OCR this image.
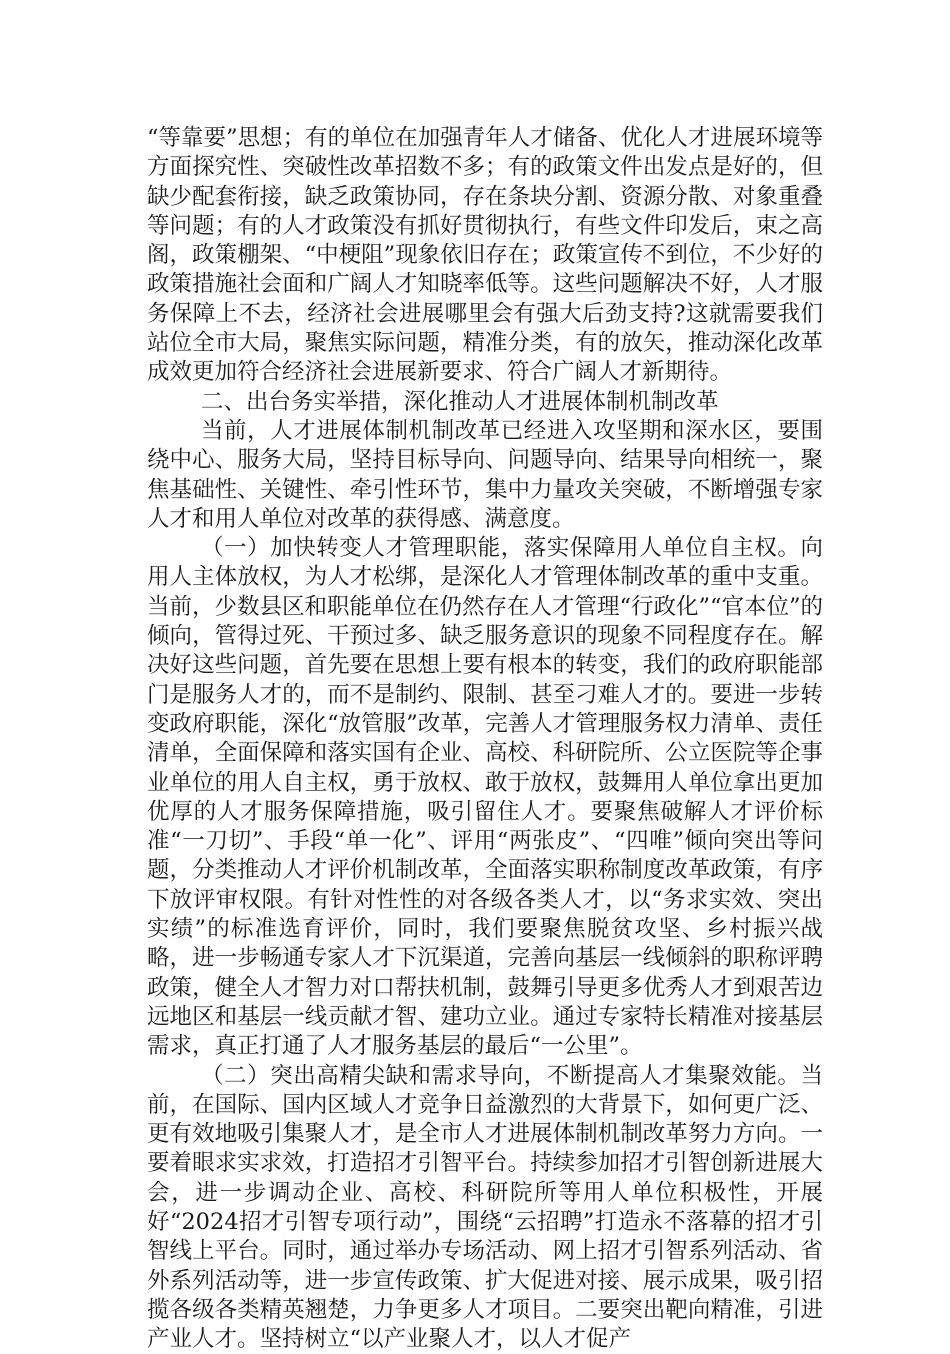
“等靠要”思想；有的单位在加强青年人才储备、优化人才进展环境等方面探究性、突破性改革招数不多；有的政策文件出发点是好的，但缺少配套衔接，缺乏政策协同，存在条块分割、资源分散、对象重叠等问题；有的人才政策没有抓好贯彻执行，有些文件印发后，束之高阁，政策棚架、“中梗阻”现象依旧存在；政策宣传不到位，不少好的政策措施社会面和广阔人才知晓率低等。这些问题解决不好，人才服务保障上不去，经济社会进展哪里会有强大后劲支持?这就需要我们站位全市大局，聚焦实际问题，精准分类，有的放矢，推动深化改革成效更加符合经济社会进展新要求、符合广阔人才新期待。

二、出台务实举措，深化推动人才进展体制机制改革

当前，人才进展体制机制改革已经进入攻坚期和深水区，要围绕中心、服务大局，坚持目标导向、问题导向、结果导向相统一，聚焦基础性、关键性、牵引性环节，集中力量攻关突破，不断增强专家人才和用人单位对改革的获得感、满意度。

（一）加快转变人才管理职能，落实保障用人单位自主权。向用人主体放权，为人才松绑，是深化人才管理体制改革的重中支重。当前，少数县区和职能单位在仍然存在人才管理“行政化”“官本位”的倾向，管得过死、干预过多、缺乏服务意识的现象不同程度存在。解决好这些问题，首先要在思想上要有根本的转变，我们的政府职能部门是服务人才的，而不是制约、限制、甚至刁难人才的。要进一步转变政府职能，深化“放管服”改革，完善人才管理服务权力清单、责任清单，全面保障和落实国有企业、高校、科研院所、公立医院等企事业单位的用人自主权，勇于放权、敢于放权，鼓舞用人单位拿出更加优厚的人才服务保障措施，吸引留住人才。要聚焦破解人才评价标准“一刀切”、手段“单一化”、评用“两张皮”、“四唯”倾向突出等问题，分类推动人才评价机制改革，全面落实职称制度改革政策，有序下放评审权限。有针对性性的对各级各类人才，以“务求实效、突出实绩”的标准选育评价，同时，我们要聚焦脱贫攻坚、乡村振兴战略，进一步畅通专家人才下沉渠道，完善向基层一线倾斜的职称评聘政策，健全人才智力对口帮扶机制，鼓舞引导更多优秀人才到艰苦边远地区和基层一线贡献才智、建功立业。通过专家特长精准对接基层需求，真正打通了人才服务基层的最后“一公里”。

（二）突出高精尖缺和需求导向，不断提高人才集聚效能。当前，在国际、国内区域人才竞争日益激烈的大背景下，如何更广泛、更有效地吸引集聚人才，是全市人才进展体制机制改革努力方向。一要着眼求实求效，打造招才引智平台。持续参加招才引智创新进展大会，进一步调动企业、高校、科研院所等用人单位积极性，开展好“2024招才引智专项行动”，围绕“云招聘”打造永不落幕的招才引智线上平台。同时，通过举办专场活动、网上招才引智系列活动、省外系列活动等，进一步宣传政策、扩大促进对接、展示成果，吸引招揽各级各类精英翘楚，力争更多人才项目。二要突出靶向精准，引进产业人才。坚持树立“以产业聚人才，以人才促产
